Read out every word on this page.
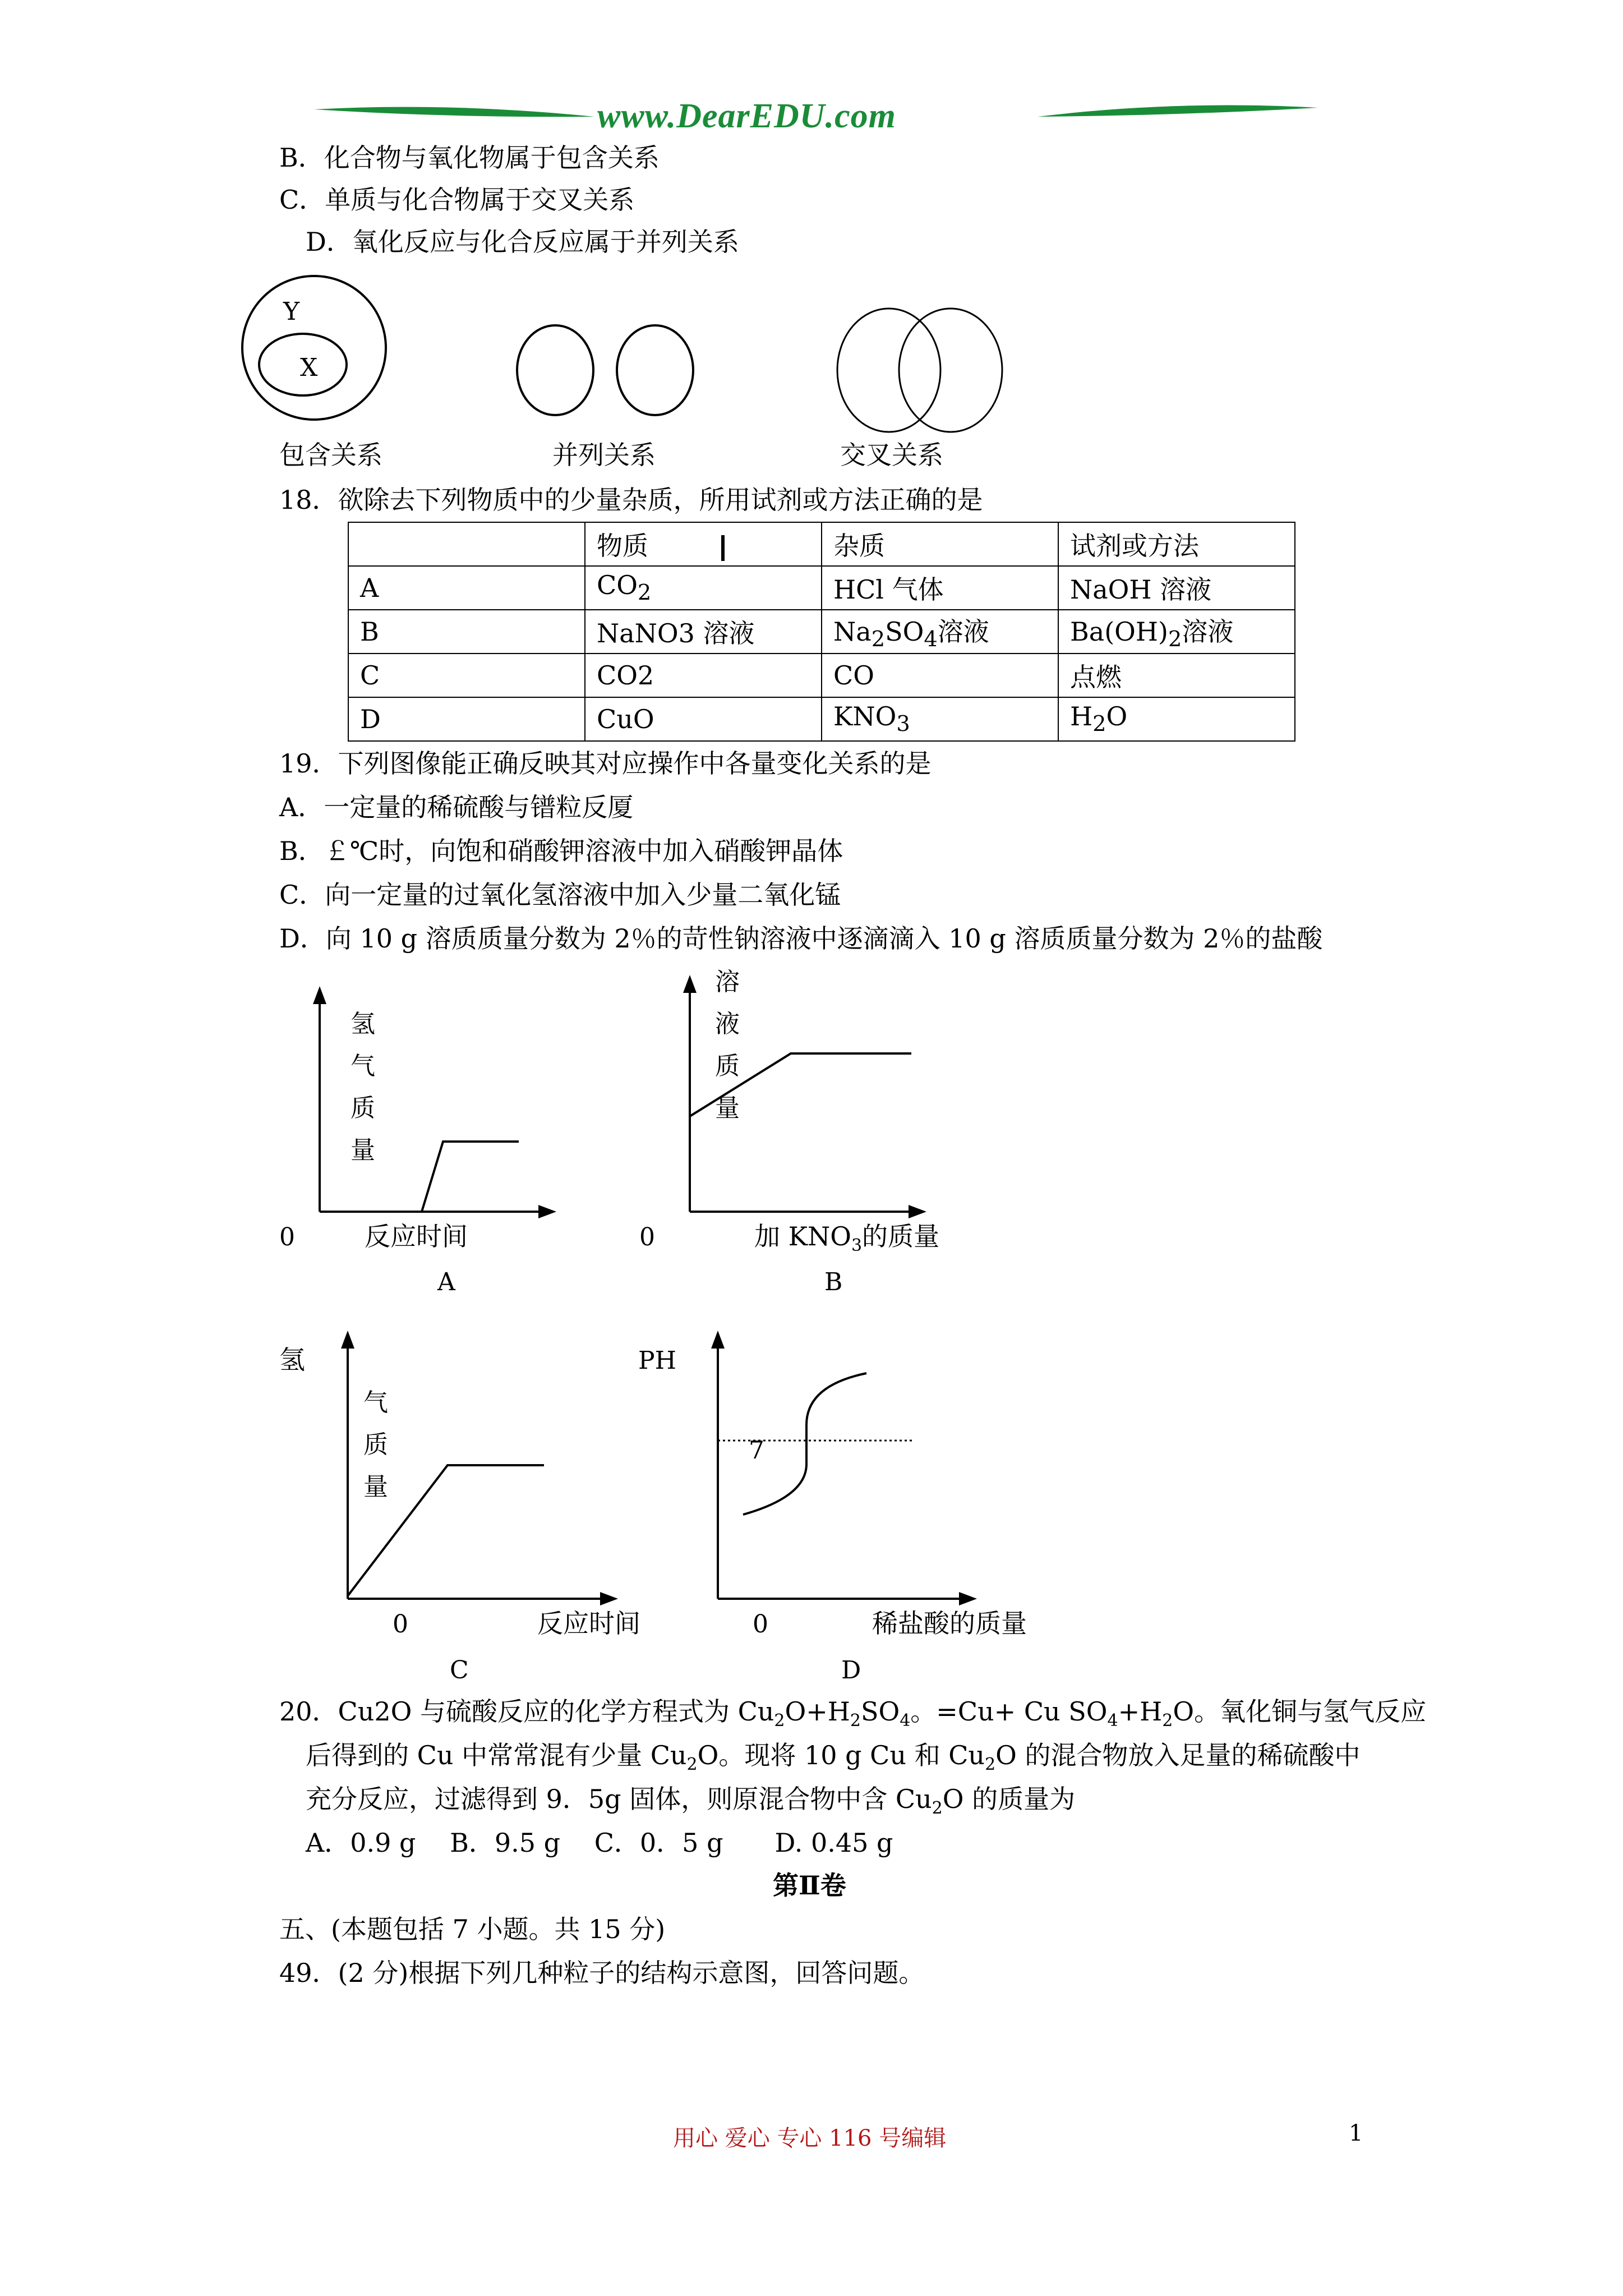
www.DearEDU.com
B．化合物与氧化物属于包含关系
C．单质与化合物属于交叉关系
D．氧化反应与化合反应属于并列关系
Y
X
包含关系	并列关系	交叉关系
18．欲除去下列物质中的少量杂质，所用试剂或方法正确的是
	物质	杂质	试剂或方法
A	$CO_2$	HCl 气体	NaOH 溶液
B	NaNO3 溶液	$Na_2SO_4$溶液	$Ba(OH)_2$溶液
C	CO2	CO	点燃
D	CuO	$KNO_3$	$H_2O$
19．下列图像能正确反映其对应操作中各量变化关系的是
A．一定量的稀硫酸与镨粒反厦
B．￡℃时，向饱和硝酸钾溶液中加入硝酸钾晶体
C．向一定量的过氧化氢溶液中加入少量二氧化锰
D．向 10 g 溶质质量分数为 2％的苛性钠溶液中逐滴滴入 10 g 溶质质量分数为 2％的盐酸
氢
气
质
量
0	反应时间
A
溶
液
质
量
0	加 $KNO_3$的质量
B
氢
气
质
量
0	反应时间
C
PH
7
0	稀盐酸的质量
D
20．Cu2O 与硫酸反应的化学方程式为 $Cu_2O+H_2SO_4$。=Cu+ Cu $SO_4+H_2O$。氧化铜与氢气反应
后得到的 Cu 中常常混有少量 $Cu_2O$。现将 10 g Cu 和 $Cu_2O$ 的混合物放入足量的稀硫酸中
充分反应，过滤得到 9．5g 固体，则原混合物中含 $Cu_2O$ 的质量为
A．0.9 g　 B．9.5 g　 C．0．5 g　　D. 0.45 g
第Ⅱ卷
五、(本题包括 7 小题。共 15 分)
49．(2 分)根据下列几种粒子的结构示意图，回答问题。
用心 爱心 专心 116 号编辑	1
